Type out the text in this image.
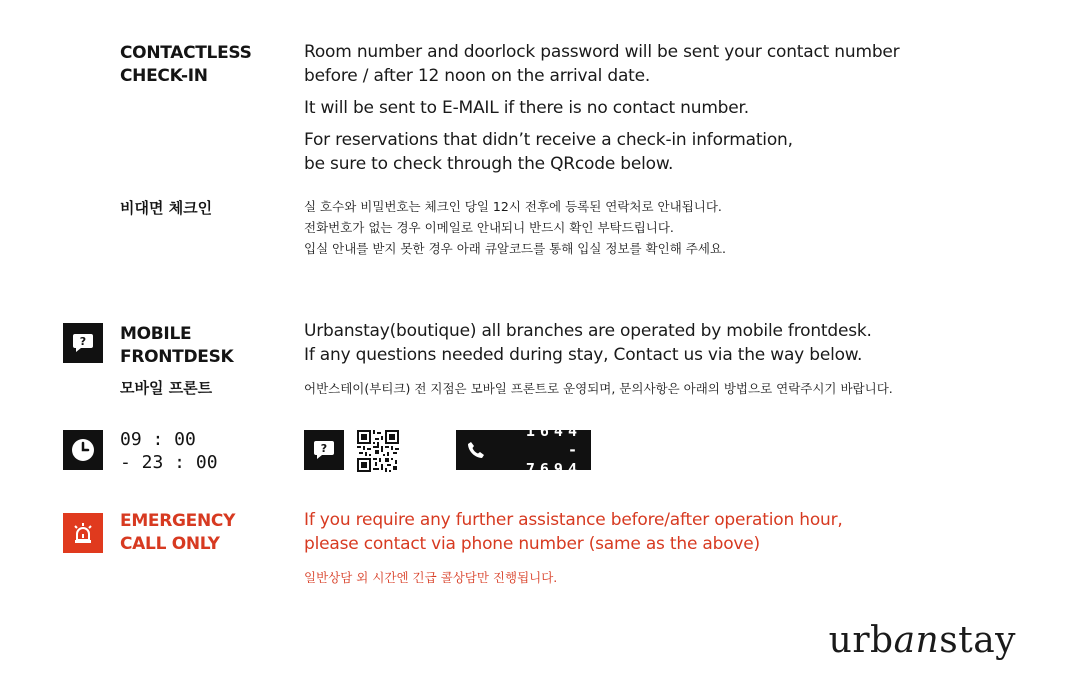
CONTACTLESS
CHECK-IN

Room number and doorlock password will be sent your contact number
before / after 12 noon on the arrival date.

It will be sent to E-MAIL if there is no contact number.

For reservations that didn’t receive a check-in information,
be sure to check through the QRcode below.

비대면 체크인	실 호수와 비밀번호는 체크인 당일 12시 전후에 등록된 연락처로 안내됩니다.

전화번호가 없는 경우 이메일로 안내되니 반드시 확인 부탁드립니다.

입실 안내를 받지 못한 경우 아래 큐알코드를 통해 입실 정보를 확인해 주세요.

? MOBILE
FRONTDESK
모바일 프론트

Urbanstay(boutique) all branches are operated by mobile frontdesk.
If any questions needed during stay, Contact us via the way below.

어반스테이(부티크) 전 지점은 모바일 프론트로 운영되며, 문의사항은 아래의 방법으로 연락주시기 바랍니다.
09 : 00
- 23 : 00
?
1644 -
7694
EMERGENCY
CALL ONLY

If you require any further assistance before/after operation hour,
please contact via phone number (same as the above)

일반상담 외 시간엔 긴급 콜상담만 진행됩니다.
urbanstay
